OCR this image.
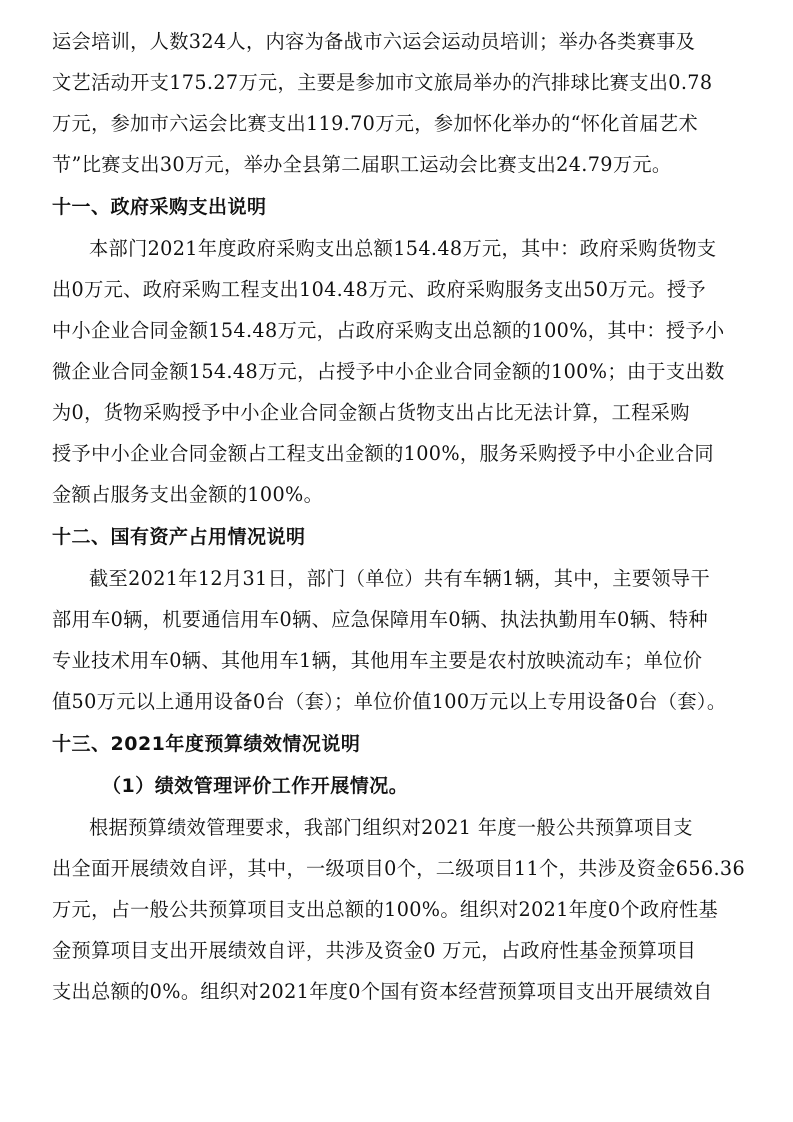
运会培训，人数324人，内容为备战市六运会运动员培训；举办各类赛事及
文艺活动开支175.27万元，主要是参加市文旅局举办的汽排球比赛支出0.78
万元，参加市六运会比赛支出119.70万元，参加怀化举办的“怀化首届艺术
节”比赛支出30万元，举办全县第二届职工运动会比赛支出24.79万元。
十一、政府采购支出说明
本部门2021年度政府采购支出总额154.48万元，其中：政府采购货物支
出0万元、政府采购工程支出104.48万元、政府采购服务支出50万元。授予
中小企业合同金额154.48万元，占政府采购支出总额的100%，其中：授予小
微企业合同金额154.48万元，占授予中小企业合同金额的100%；由于支出数
为0，货物采购授予中小企业合同金额占货物支出占比无法计算，工程采购
授予中小企业合同金额占工程支出金额的100%，服务采购授予中小企业合同
金额占服务支出金额的100%。
十二、国有资产占用情况说明
截至2021年12月31日，部门（单位）共有车辆1辆，其中，主要领导干
部用车0辆，机要通信用车0辆、应急保障用车0辆、执法执勤用车0辆、特种
专业技术用车0辆、其他用车1辆，其他用车主要是农村放映流动车；单位价
值50万元以上通用设备0台（套）；单位价值100万元以上专用设备0台（套）。
十三、2021年度预算绩效情况说明
（1）绩效管理评价工作开展情况。
根据预算绩效管理要求，我部门组织对2021 年度一般公共预算项目支
出全面开展绩效自评，其中，一级项目0个，二级项目11个，共涉及资金656.36
万元，占一般公共预算项目支出总额的100%。组织对2021年度0个政府性基
金预算项目支出开展绩效自评，共涉及资金0 万元，占政府性基金预算项目
支出总额的0%。组织对2021年度0个国有资本经营预算项目支出开展绩效自
